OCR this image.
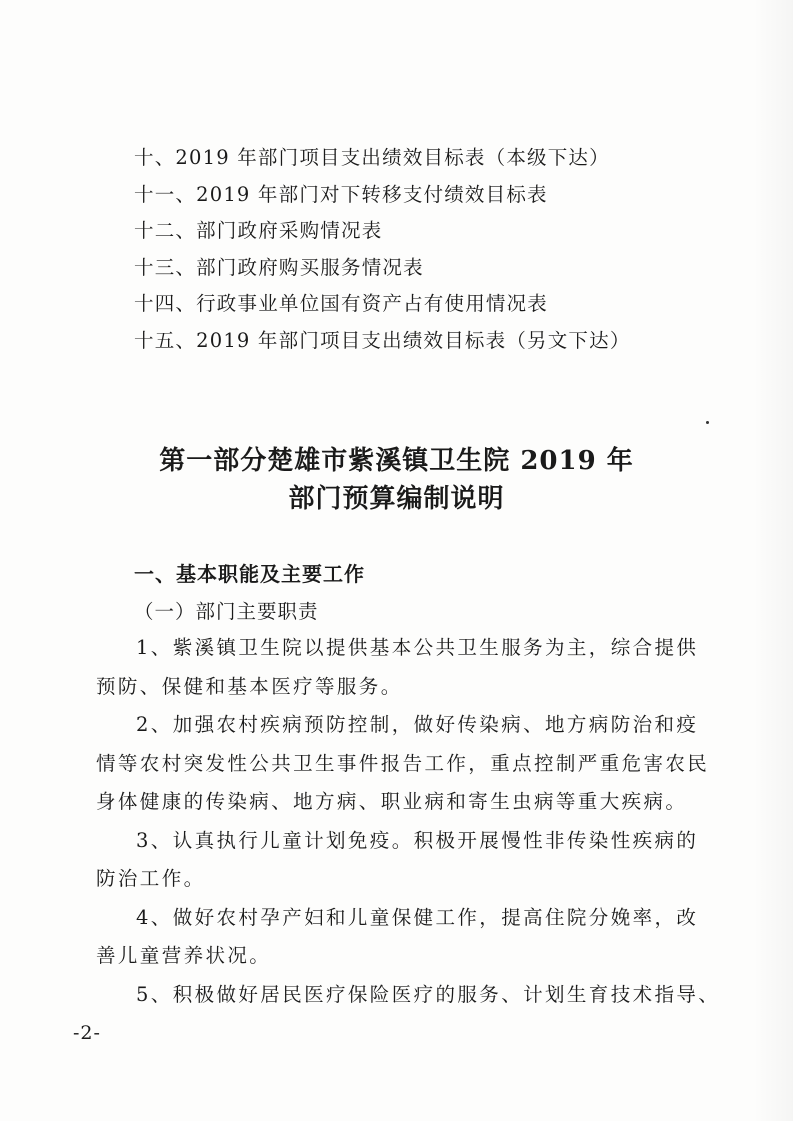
十、2019 年部门项目支出绩效目标表（本级下达）
十一、2019 年部门对下转移支付绩效目标表
十二、部门政府采购情况表
十三、部门政府购买服务情况表
十四、行政事业单位国有资产占有使用情况表
十五、2019 年部门项目支出绩效目标表（另文下达）
第一部分楚雄市紫溪镇卫生院 2019 年
部门预算编制说明
一、基本职能及主要工作
（一）部门主要职责

1、紫溪镇卫生院以提供基本公共卫生服务为主，综合提供
预防、保健和基本医疗等服务。

2、加强农村疾病预防控制，做好传染病、地方病防治和疫
情等农村突发性公共卫生事件报告工作，重点控制严重危害农民
身体健康的传染病、地方病、职业病和寄生虫病等重大疾病。

3、认真执行儿童计划免疫。积极开展慢性非传染性疾病的
防治工作。

4、做好农村孕产妇和儿童保健工作，提高住院分娩率，改
善儿童营养状况。

5、积极做好居民医疗保险医疗的服务、计划生育技术指导、

-2-
